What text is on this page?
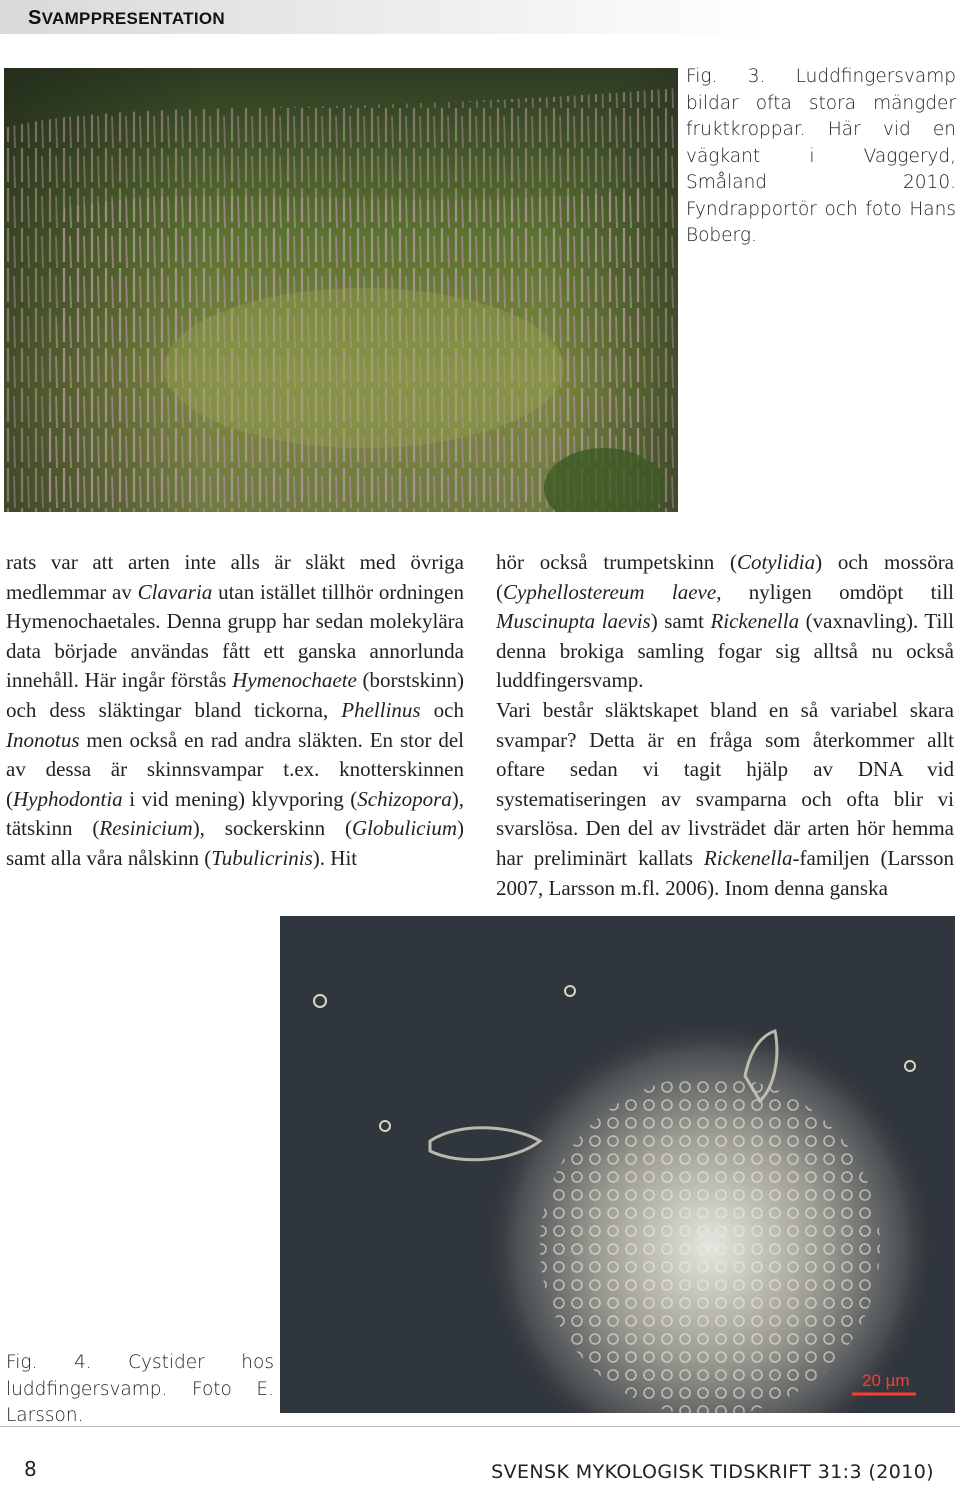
SVAMPPRESENTATION

Fig. 3. Luddfingersvamp bildar ofta stora mängder fruktkroppar. Här vid en vägkant i Vaggeryd, Småland 2010. Fyndrapportör och foto Hans Boberg.

rats var att arten inte alls är släkt med övriga medlemmar av Clavaria utan istället tillhör ordningen Hymenochaetales. Denna grupp har sedan molekylära data började användas fått ett ganska annorlunda innehåll. Här ingår förstås Hymenochaete (borstskinn) och dess släktingar bland tickorna, Phellinus och Inonotus men också en rad andra släkten. En stor del av dessa är skinnsvampar t.ex. knotterskinnen (Hyphodontia i vid mening) klyvporing (Schizopora), tätskinn (Resinicium), sockerskinn (Globulicium) samt alla våra nålskinn (Tubulicrinis). Hit

hör också trumpetskinn (Cotylidia) och mossöra (Cyphellostereum laeve, nyligen omdöpt till Muscinupta laevis) samt Rickenella (vaxnavling). Till denna brokiga samling fogar sig alltså nu också luddfingersvamp.

Vari består släktskapet bland en så variabel skara svampar? Detta är en fråga som återkommer allt oftare sedan vi tagit hjälp av DNA vid systematiseringen av svamparna och ofta blir vi svarslösa. Den del av livsträdet där arten hör hemma har preliminärt kallats Rickenella-familjen (Larsson 2007, Larsson m.fl. 2006). Inom denna ganska

20 µm

Fig. 4. Cystider hos luddfingersvamp. Foto E. Larsson.

8	SVENSK MYKOLOGISK TIDSKRIFT 31:3 (2010)
